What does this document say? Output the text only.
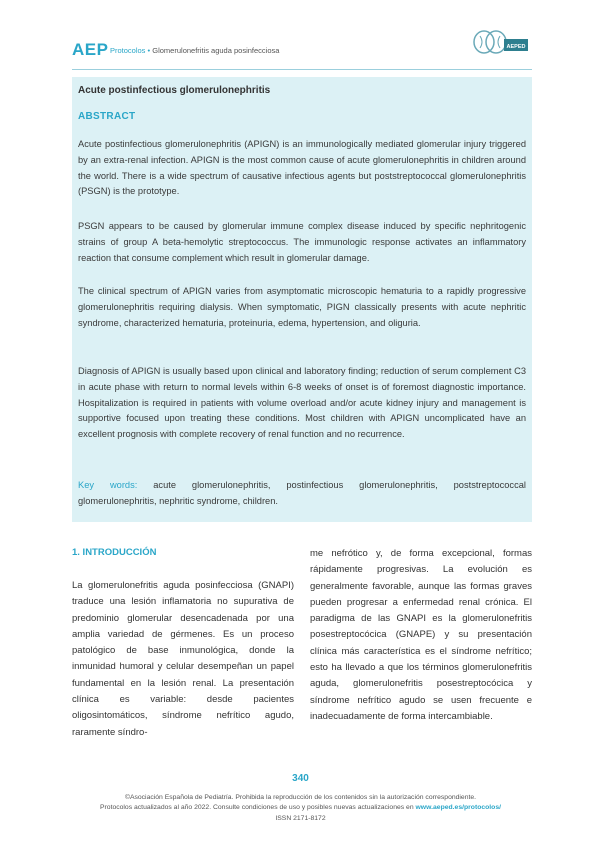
AEP Protocolos • Glomerulonefritis aguda posinfecciosa	AEPED
Acute postinfectious glomerulonephritis
ABSTRACT

Acute postinfectious glomerulonephritis (APIGN) is an immunologically mediated glomerular injury triggered by an extra-renal infection. APIGN is the most common cause of acute glomerulonephritis in children around the world. There is a wide spectrum of causative infectious agents but poststreptococcal glomerulonephritis (PSGN) is the prototype.

PSGN appears to be caused by glomerular immune complex disease induced by specific nephritogenic strains of group A beta-hemolytic streptococcus. The immunologic response activates an inflammatory reaction that consume complement which result in glomerular damage.

The clinical spectrum of APIGN varies from asymptomatic microscopic hematuria to a rapidly progressive glomerulonephritis requiring dialysis. When symptomatic, PIGN classically presents with acute nephritic syndrome, characterized hematuria, proteinuria, edema, hypertension, and oliguria.

Diagnosis of APIGN is usually based upon clinical and laboratory finding; reduction of serum complement C3 in acute phase with return to normal levels within 6-8 weeks of onset is of foremost diagnostic importance. Hospitalization is required in patients with volume overload and/or acute kidney injury and management is supportive focused upon treating these conditions. Most children with APIGN uncomplicated have an excellent prognosis with complete recovery of renal function and no recurrence.

Key words: acute glomerulonephritis, postinfectious glomerulonephritis, poststreptococcal glomerulonephritis, nephritic syndrome, children.

1. INTRODUCCIÓN

La glomerulonefritis aguda posinfecciosa (GNAPI) traduce una lesión inflamatoria no supurativa de predominio glomerular desencadenada por una amplia variedad de gérmenes. Es un proceso patológico de base inmunológica, donde la inmunidad humoral y celular desempeñan un papel fundamental en la lesión renal. La presentación clínica es variable: desde pacientes oligosintomáticos, síndrome nefrítico agudo, raramente síndro-

me nefrótico y, de forma excepcional, formas rápidamente progresivas. La evolución es generalmente favorable, aunque las formas graves pueden progresar a enfermedad renal crónica. El paradigma de las GNAPI es la glomerulonefritis posestreptocócica (GNAPE) y su presentación clínica más característica es el síndrome nefrítico; esto ha llevado a que los términos glomerulonefritis aguda, glomerulonefritis posestreptocócica y síndrome nefrítico agudo se usen frecuente e inadecuadamente de forma intercambiable.

340
©Asociación Española de Pediatría. Prohibida la reproducción de los contenidos sin la autorización correspondiente.
Protocolos actualizados al año 2022. Consulte condiciones de uso y posibles nuevas actualizaciones en www.aeped.es/protocolos/
ISSN 2171-8172
